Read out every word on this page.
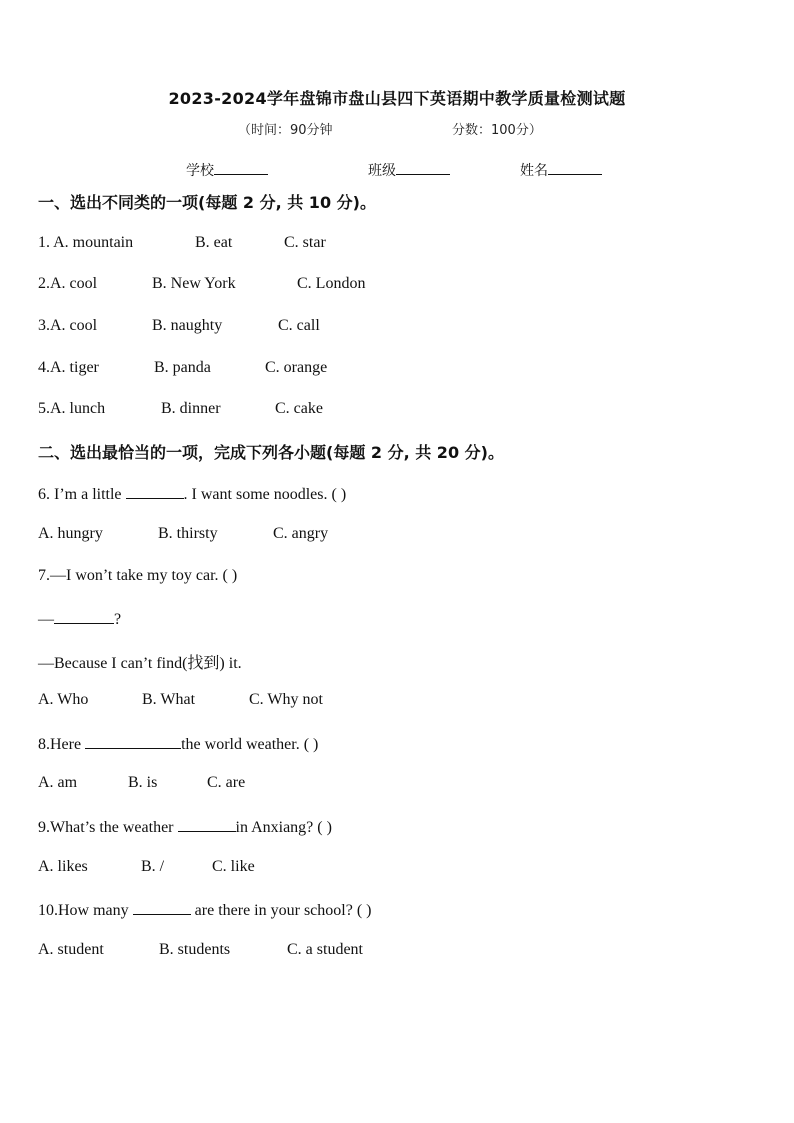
2023-2024学年盘锦市盘山县四下英语期中教学质量检测试题
（时间：90分钟	分数：100分）
学校	班级	姓名
一、选出不同类的一项(每题 2 分, 共 10 分)。
1. A. mountain	B. eat	C. star
2.A. cool	B. New York	C. London
3.A. cool	B. naughty	C. call
4.A. tiger	B. panda	C. orange
5.A. lunch	B. dinner	C. cake
二、选出最恰当的一项，完成下列各小题(每题 2 分, 共 20 分)。
6. I’m a little	. I want some noodles. ( )
A. hungry	B. thirsty	C. angry
7.—I won’t take my toy car. ( )
—	?
—Because I can’t find(找到) it.
A. Who	B. What	C. Why not
8.Here	the world weather. ( )
A. am	B. is	C. are
9.What’s the weather	in Anxiang? ( )
A. likes	B. /	C. like
10.How many	are there in your school? ( )
A. student	B. students	C. a student
